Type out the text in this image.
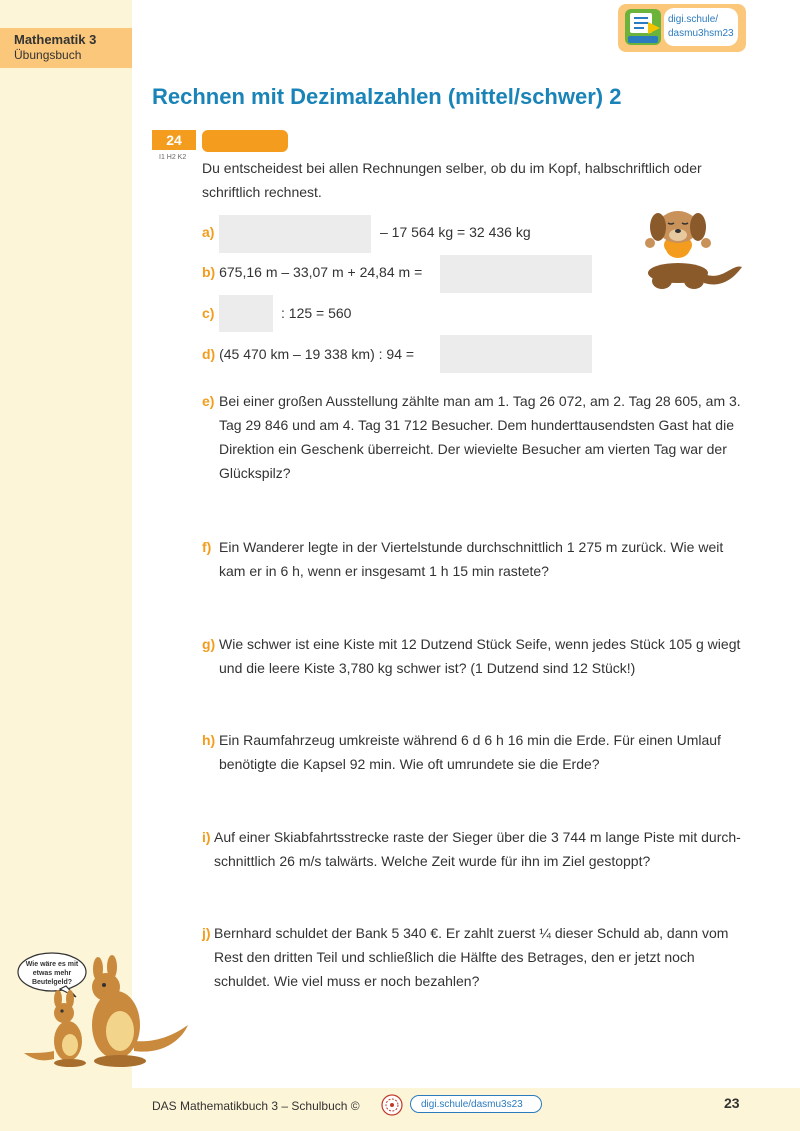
Mathematik 3
Übungsbuch
digi.schule/
dasmu3hsm23
Rechnen mit Dezimalzahlen (mittel/schwer) 2
24
I1 H2 K2
Du entscheidest bei allen Rechnungen selber, ob du im Kopf, halbschriftlich oder schriftlich rechnest.
a)	– 17 564 kg = 32 436 kg
b) 675,16 m – 33,07 m + 24,84 m =
c)	: 125 = 560
d) (45 470 km – 19 338 km) : 94 =
e) Bei einer großen Ausstellung zählte man am 1. Tag 26 072, am 2. Tag 28 605, am 3. Tag 29 846 und am 4. Tag 31 712 Besucher. Dem hunderttausendsten Gast hat die Direktion ein Geschenk überreicht. Der wievielte Besucher am vierten Tag war der Glückspilz?
f) Ein Wanderer legte in der Viertelstunde durchschnittlich 1 275 m zurück. Wie weit kam er in 6 h, wenn er insgesamt 1 h 15 min rastete?
g) Wie schwer ist eine Kiste mit 12 Dutzend Stück Seife, wenn jedes Stück 105 g wiegt und die leere Kiste 3,780 kg schwer ist? (1 Dutzend sind 12 Stück!)
h) Ein Raumfahrzeug umkreiste während 6 d 6 h 16 min die Erde. Für einen Umlauf benötigte die Kapsel 92 min. Wie oft umrundete sie die Erde?
i) Auf einer Skiabfahrtsstrecke raste der Sieger über die 3 744 m lange Piste mit durch-schnittlich 26 m/s talwärts. Welche Zeit wurde für ihn im Ziel gestoppt?
j) Bernhard schuldet der Bank 5 340 €. Er zahlt zuerst ¼ dieser Schuld ab, dann vom Rest den dritten Teil und schließlich die Hälfte des Betrages, den er jetzt noch schuldet. Wie viel muss er noch bezahlen?
Wie wäre es mit etwas mehr Beutelgeld?
DAS Mathematikbuch 3 – Schulbuch ©	digi.schule/dasmu3s23	23
